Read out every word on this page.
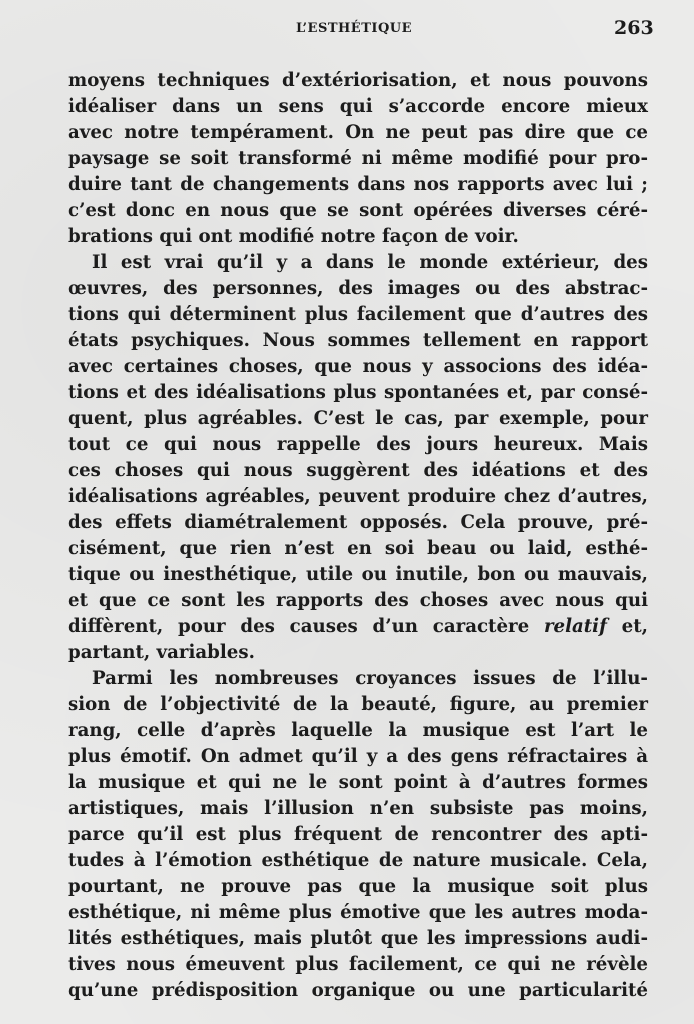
L’ESTHÉTIQUE	263
moyens techniques d’extériorisation, et nous pouvons
idéaliser dans un sens qui s’accorde encore mieux
avec notre tempérament. On ne peut pas dire que ce
paysage se soit transformé ni même modifié pour pro-
duire tant de changements dans nos rapports avec lui ;
c’est donc en nous que se sont opérées diverses céré-
brations qui ont modifié notre façon de voir.
Il est vrai qu’il y a dans le monde extérieur, des
œuvres, des personnes, des images ou des abstrac-
tions qui déterminent plus facilement que d’autres des
états psychiques. Nous sommes tellement en rapport
avec certaines choses, que nous y associons des idéa-
tions et des idéalisations plus spontanées et, par consé-
quent, plus agréables. C’est le cas, par exemple, pour
tout ce qui nous rappelle des jours heureux. Mais
ces choses qui nous suggèrent des idéations et des
idéalisations agréables, peuvent produire chez d’autres,
des effets diamétralement opposés. Cela prouve, pré-
cisément, que rien n’est en soi beau ou laid, esthé-
tique ou inesthétique, utile ou inutile, bon ou mauvais,
et que ce sont les rapports des choses avec nous qui
diffèrent, pour des causes d’un caractère relatif et,
partant, variables.
Parmi les nombreuses croyances issues de l’illu-
sion de l’objectivité de la beauté, figure, au premier
rang, celle d’après laquelle la musique est l’art le
plus émotif. On admet qu’il y a des gens réfractaires à
la musique et qui ne le sont point à d’autres formes
artistiques, mais l’illusion n’en subsiste pas moins,
parce qu’il est plus fréquent de rencontrer des apti-
tudes à l’émotion esthétique de nature musicale. Cela,
pourtant, ne prouve pas que la musique soit plus
esthétique, ni même plus émotive que les autres moda-
lités esthétiques, mais plutôt que les impressions audi-
tives nous émeuvent plus facilement, ce qui ne révèle
qu’une prédisposition organique ou une particularité
